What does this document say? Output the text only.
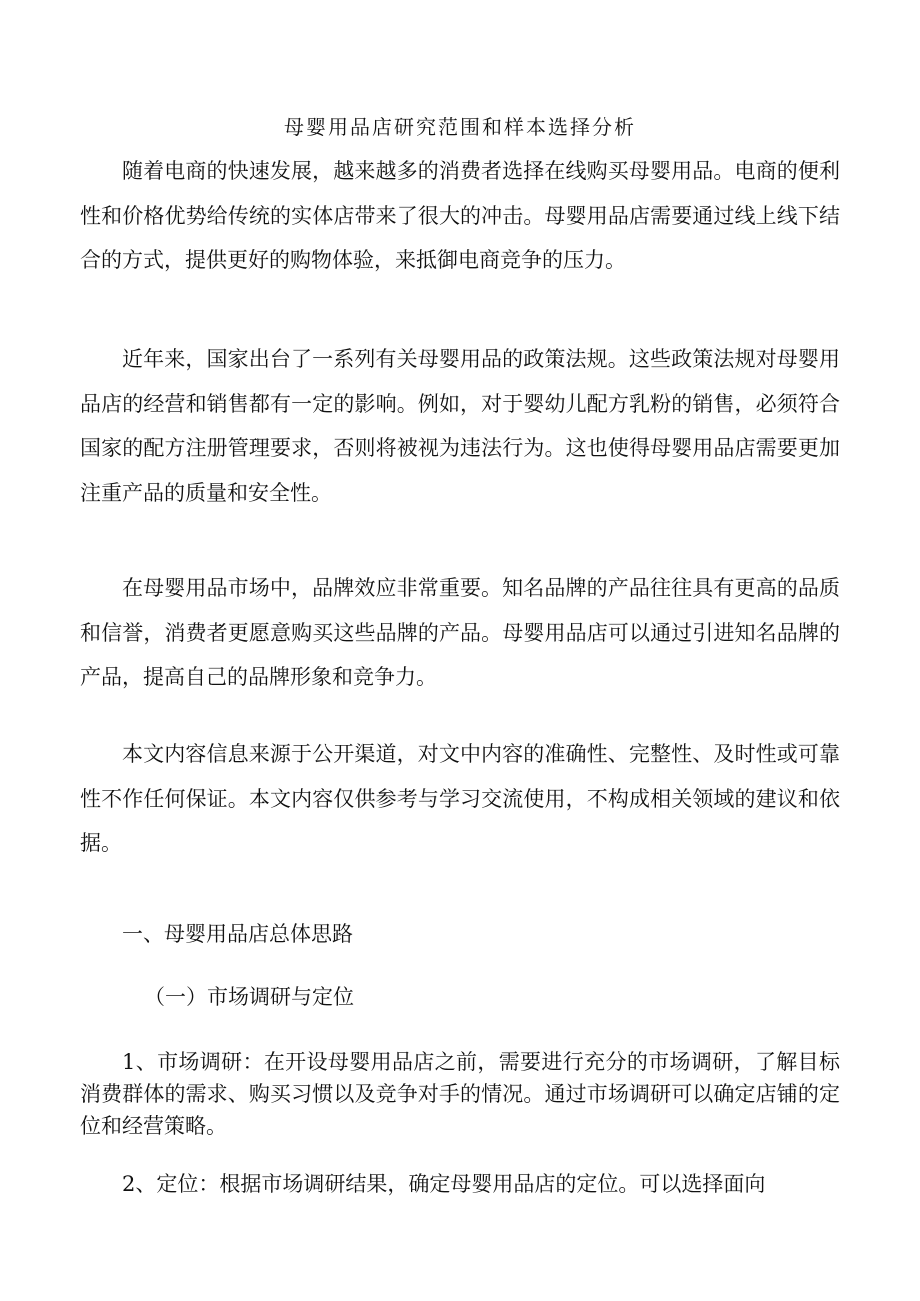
母婴用品店研究范围和样本选择分析

随着电商的快速发展，越来越多的消费者选择在线购买母婴用品。电商的便利性和价格优势给传统的实体店带来了很大的冲击。母婴用品店需要通过线上线下结合的方式，提供更好的购物体验，来抵御电商竞争的压力。

近年来，国家出台了一系列有关母婴用品的政策法规。这些政策法规对母婴用品店的经营和销售都有一定的影响。例如，对于婴幼儿配方乳粉的销售，必须符合国家的配方注册管理要求，否则将被视为违法行为。这也使得母婴用品店需要更加注重产品的质量和安全性。

在母婴用品市场中，品牌效应非常重要。知名品牌的产品往往具有更高的品质和信誉，消费者更愿意购买这些品牌的产品。母婴用品店可以通过引进知名品牌的产品，提高自己的品牌形象和竞争力。

本文内容信息来源于公开渠道，对文中内容的准确性、完整性、及时性或可靠性不作任何保证。本文内容仅供参考与学习交流使用，不构成相关领域的建议和依据。

一、母婴用品店总体思路

（一）市场调研与定位

1、市场调研：在开设母婴用品店之前，需要进行充分的市场调研，了解目标消费群体的需求、购买习惯以及竞争对手的情况。通过市场调研可以确定店铺的定位和经营策略。

2、定位：根据市场调研结果，确定母婴用品店的定位。可以选择面向
